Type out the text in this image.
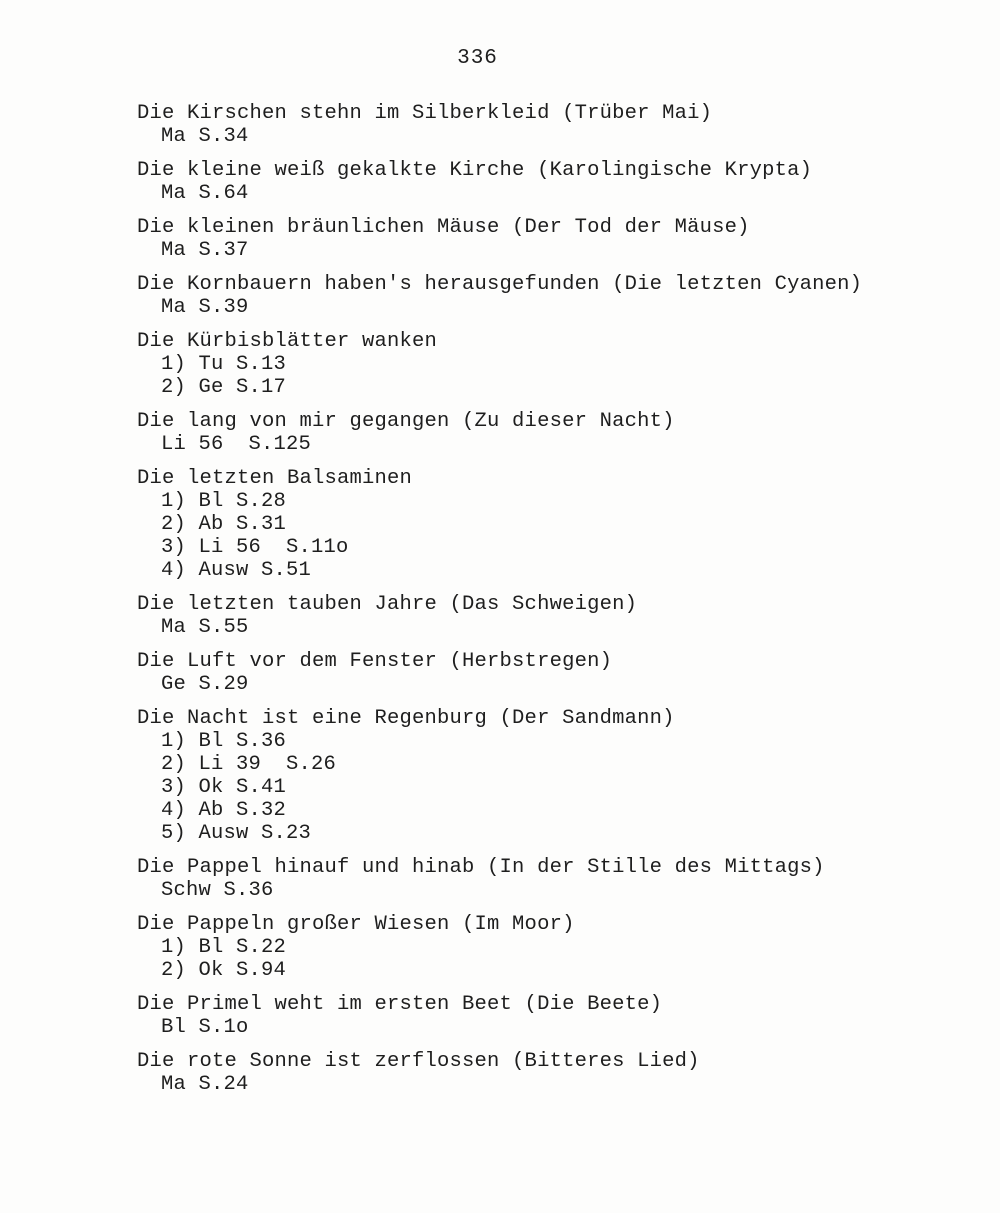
336
Die Kirschen stehn im Silberkleid (Trüber Mai)
Ma S.34
Die kleine weiß gekalkte Kirche (Karolingische Krypta)
Ma S.64
Die kleinen bräunlichen Mäuse (Der Tod der Mäuse)
Ma S.37
Die Kornbauern haben's herausgefunden (Die letzten Cyanen)
Ma S.39
Die Kürbisblätter wanken
1) Tu S.13
2) Ge S.17
Die lang von mir gegangen (Zu dieser Nacht)
Li 56  S.125
Die letzten Balsaminen
1) Bl S.28
2) Ab S.31
3) Li 56  S.11o
4) Ausw S.51
Die letzten tauben Jahre (Das Schweigen)
Ma S.55
Die Luft vor dem Fenster (Herbstregen)
Ge S.29
Die Nacht ist eine Regenburg (Der Sandmann)
1) Bl S.36
2) Li 39  S.26
3) Ok S.41
4) Ab S.32
5) Ausw S.23
Die Pappel hinauf und hinab (In der Stille des Mittags)
Schw S.36
Die Pappeln großer Wiesen (Im Moor)
1) Bl S.22
2) Ok S.94
Die Primel weht im ersten Beet (Die Beete)
Bl S.1o
Die rote Sonne ist zerflossen (Bitteres Lied)
Ma S.24
